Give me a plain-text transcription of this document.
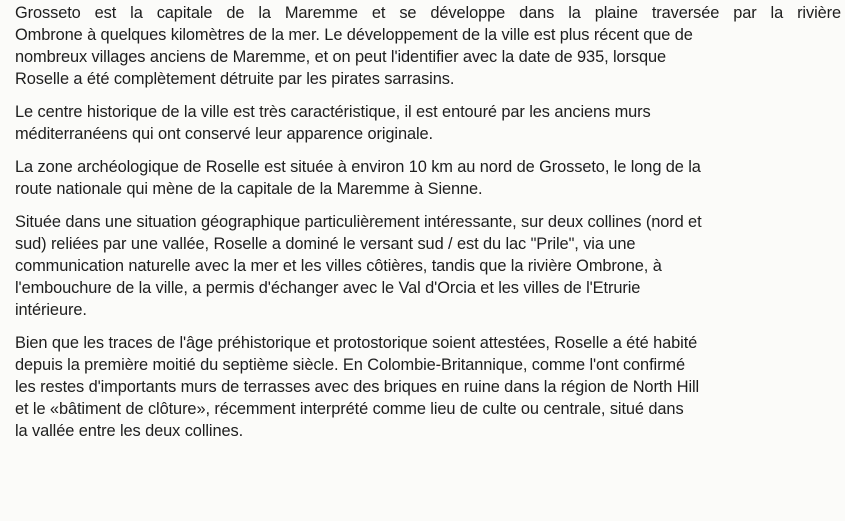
Grosseto est la capitale de la Maremme et se développe dans la plaine traversée par la rivière
Ombrone à quelques kilomètres de la mer. Le développement de la ville est plus récent que de
nombreux villages anciens de Maremme, et on peut l'identifier avec la date de 935, lorsque
Roselle a été complètement détruite par les pirates sarrasins.
Le centre historique de la ville est très caractéristique, il est entouré par les anciens murs
méditerranéens qui ont conservé leur apparence originale.
La zone archéologique de Roselle est située à environ 10 km au nord de Grosseto, le long de la
route nationale qui mène de la capitale de la Maremme à Sienne.
Située dans une situation géographique particulièrement intéressante, sur deux collines (nord et
sud) reliées par une vallée, Roselle a dominé le versant sud / est du lac "Prile", via une
communication naturelle avec la mer et les villes côtières, tandis que la rivière Ombrone, à
l'embouchure de la ville, a permis d'échanger avec le Val d'Orcia et les villes de l'Etrurie
intérieure.
Bien que les traces de l'âge préhistorique et protostorique soient attestées, Roselle a été habité
depuis la première moitié du septième siècle. En Colombie-Britannique, comme l'ont confirmé
les restes d'importants murs de terrasses avec des briques en ruine dans la région de North Hill
et le «bâtiment de clôture», récemment interprété comme lieu de culte ou centrale, situé dans
la vallée entre les deux collines.
